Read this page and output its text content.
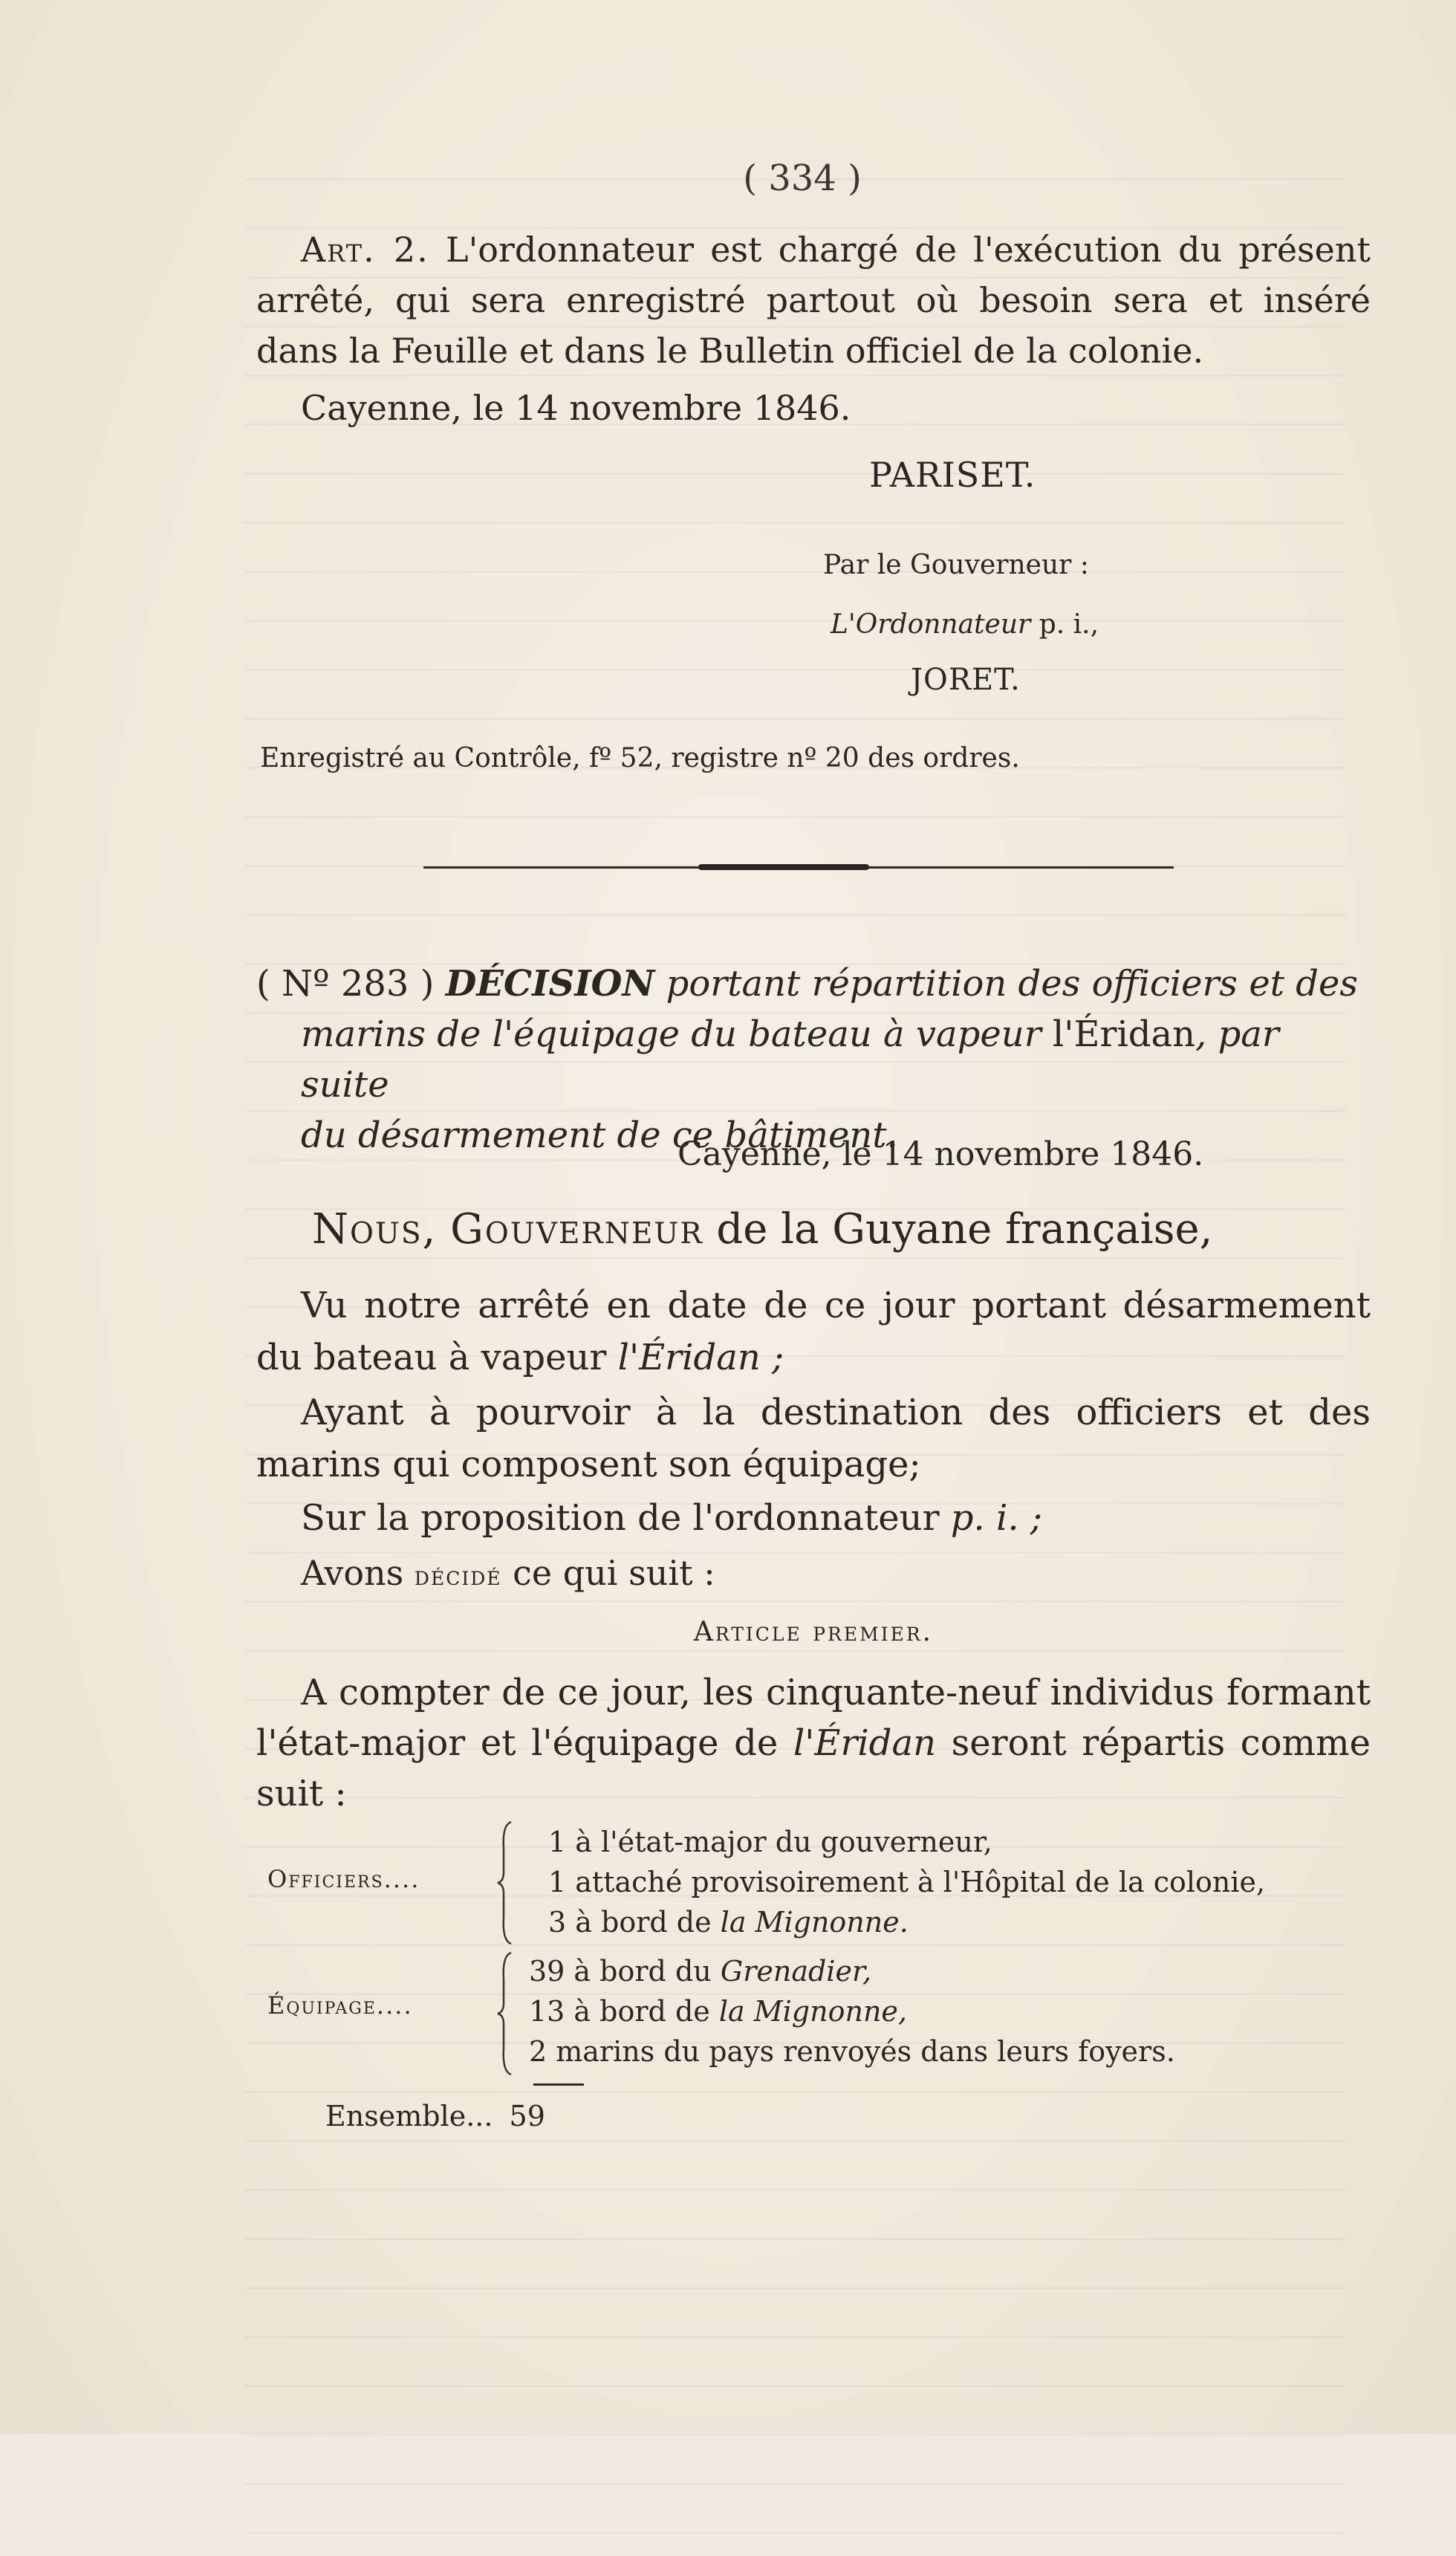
( 334 )
Art. 2. L'ordonnateur est chargé de l'exécution du présent arrêté, qui sera enregistré partout où besoin sera et inséré dans la Feuille et dans le Bulletin officiel de la colonie.
Cayenne, le 14 novembre 1846.
PARISET.
Par le Gouverneur :
L'Ordonnateur p. i.,
JORET.
Enregistré au Contrôle, fº 52, registre nº 20 des ordres.
( Nº 283 ) DÉCISION portant répartition des officiers et des
marins de l'équipage du bateau à vapeur l'Éridan, par suite
du désarmement de ce bâtiment.
Cayenne, le 14 novembre 1846.
Nous, Gouverneur de la Guyane française,
Vu notre arrêté en date de ce jour portant désarmement du bateau à vapeur l'Éridan ;
Ayant à pourvoir à la destination des officiers et des marins qui composent son équipage;
Sur la proposition de l'ordonnateur p. i. ;
Avons décidé ce qui suit :
Article premier.
A compter de ce jour, les cinquante-neuf individus formant l'état-major et l'équipage de l'Éridan seront répartis comme suit :
Officiers....
1 à l'état-major du gouverneur,
1 attaché provisoirement à l'Hôpital de la colonie,
3 à bord de la Mignonne.
Équipage....
39 à bord du Grenadier,
13 à bord de la Mignonne,
2 marins du pays renvoyés dans leurs foyers.
Ensemble... 59
